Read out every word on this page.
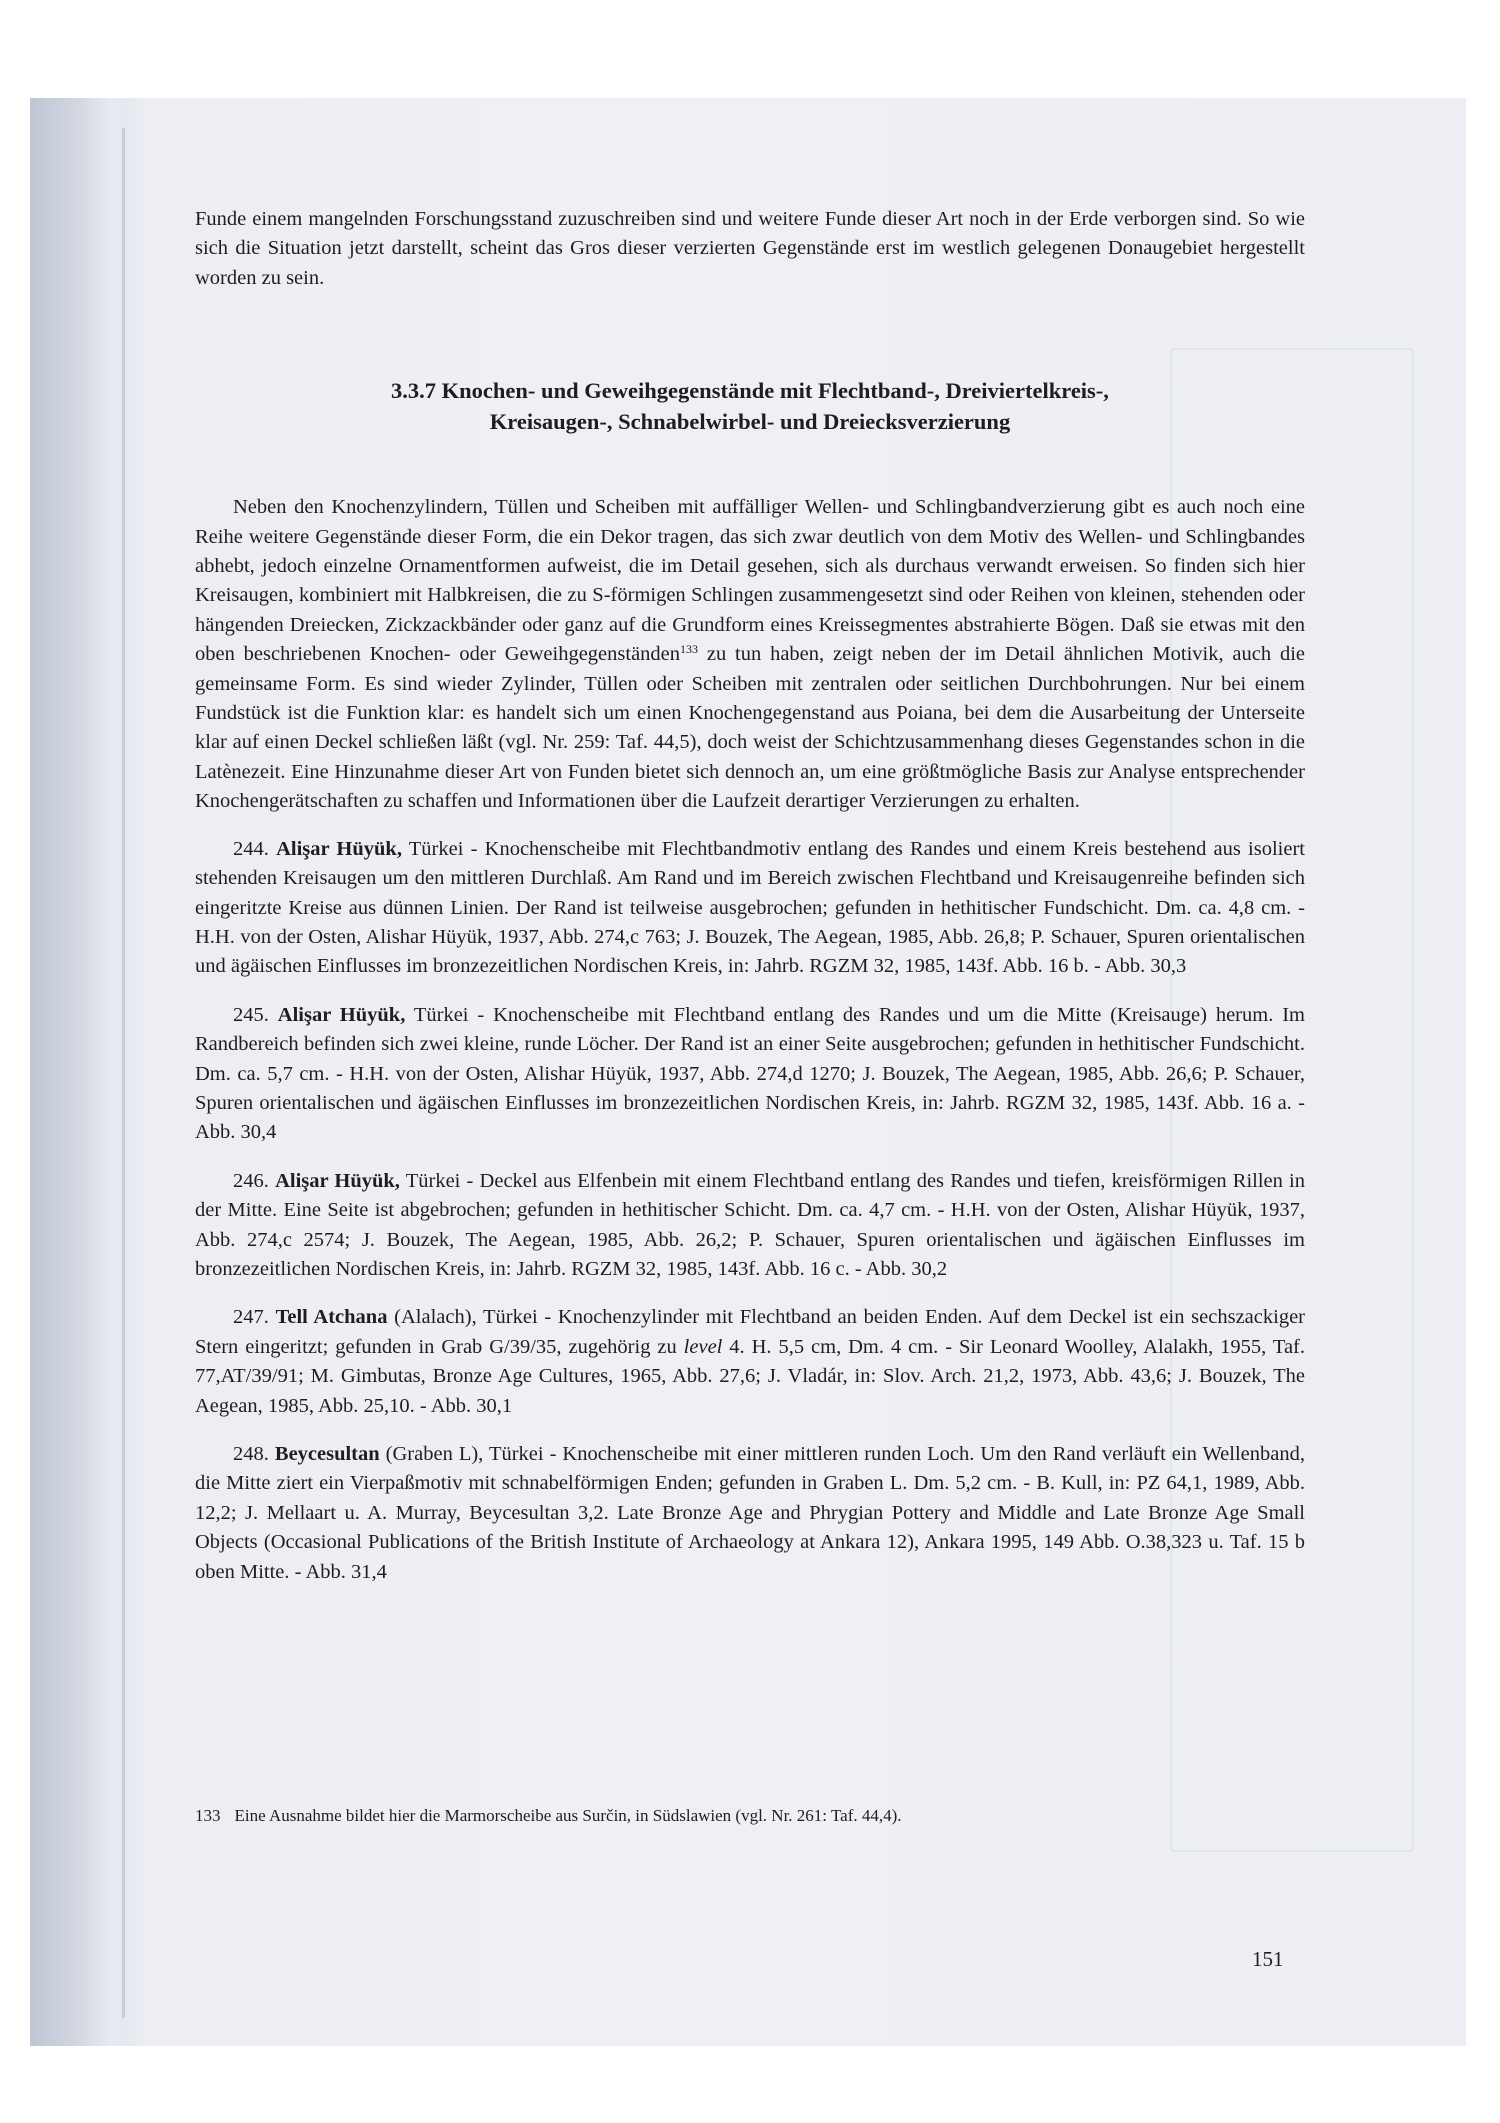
Funde einem mangelnden Forschungsstand zuzuschreiben sind und weitere Funde dieser Art noch in der Erde verborgen sind. So wie sich die Situation jetzt darstellt, scheint das Gros dieser verzierten Gegenstände erst im westlich gelegenen Donaugebiet hergestellt worden zu sein.

3.3.7 Knochen- und Geweihgegenstände mit Flechtband-, Dreiviertelkreis-,
Kreisaugen-, Schnabelwirbel- und Dreiecksverzierung

Neben den Knochenzylindern, Tüllen und Scheiben mit auffälliger Wellen- und Schlingbandverzierung gibt es auch noch eine Reihe weitere Gegenstände dieser Form, die ein Dekor tragen, das sich zwar deutlich von dem Motiv des Wellen- und Schlingbandes abhebt, jedoch einzelne Ornamentformen aufweist, die im Detail gesehen, sich als durchaus verwandt erweisen. So finden sich hier Kreisaugen, kombiniert mit Halbkreisen, die zu S-förmigen Schlingen zusammengesetzt sind oder Reihen von kleinen, stehenden oder hängenden Dreiecken, Zickzackbänder oder ganz auf die Grundform eines Kreissegmentes abstrahierte Bögen. Daß sie etwas mit den oben beschriebenen Knochen- oder Geweihgegenständen$^{133}$ zu tun haben, zeigt neben der im Detail ähnlichen Motivik, auch die gemeinsame Form. Es sind wieder Zylinder, Tüllen oder Scheiben mit zentralen oder seitlichen Durchbohrungen. Nur bei einem Fundstück ist die Funktion klar: es handelt sich um einen Knochengegenstand aus Poiana, bei dem die Ausarbeitung der Unterseite klar auf einen Deckel schließen läßt (vgl. Nr. 259: Taf. 44,5), doch weist der Schichtzusammenhang dieses Gegenstandes schon in die Latènezeit. Eine Hinzunahme dieser Art von Funden bietet sich dennoch an, um eine größtmögliche Basis zur Analyse entsprechender Knochengerätschaften zu schaffen und Informationen über die Laufzeit derartiger Verzierungen zu erhalten.

244. Alişar Hüyük, Türkei - Knochenscheibe mit Flechtbandmotiv entlang des Randes und einem Kreis bestehend aus isoliert stehenden Kreisaugen um den mittleren Durchlaß. Am Rand und im Bereich zwischen Flechtband und Kreisaugenreihe befinden sich eingeritzte Kreise aus dünnen Linien. Der Rand ist teilweise ausgebrochen; gefunden in hethitischer Fundschicht. Dm. ca. 4,8 cm. - H.H. von der Osten, Alishar Hüyük, 1937, Abb. 274,c 763; J. Bouzek, The Aegean, 1985, Abb. 26,8; P. Schauer, Spuren orientalischen und ägäischen Einflusses im bronzezeitlichen Nordischen Kreis, in: Jahrb. RGZM 32, 1985, 143f. Abb. 16 b. - Abb. 30,3

245. Alişar Hüyük, Türkei - Knochenscheibe mit Flechtband entlang des Randes und um die Mitte (Kreisauge) herum. Im Randbereich befinden sich zwei kleine, runde Löcher. Der Rand ist an einer Seite ausgebrochen; gefunden in hethitischer Fundschicht. Dm. ca. 5,7 cm. - H.H. von der Osten, Alishar Hüyük, 1937, Abb. 274,d 1270; J. Bouzek, The Aegean, 1985, Abb. 26,6; P. Schauer, Spuren orientalischen und ägäischen Einflusses im bronzezeitlichen Nordischen Kreis, in: Jahrb. RGZM 32, 1985, 143f. Abb. 16 a. - Abb. 30,4

246. Alişar Hüyük, Türkei - Deckel aus Elfenbein mit einem Flechtband entlang des Randes und tiefen, kreisförmigen Rillen in der Mitte. Eine Seite ist abgebrochen; gefunden in hethitischer Schicht. Dm. ca. 4,7 cm. - H.H. von der Osten, Alishar Hüyük, 1937, Abb. 274,c 2574; J. Bouzek, The Aegean, 1985, Abb. 26,2; P. Schauer, Spuren orientalischen und ägäischen Einflusses im bronzezeitlichen Nordischen Kreis, in: Jahrb. RGZM 32, 1985, 143f. Abb. 16 c. - Abb. 30,2

247. Tell Atchana (Alalach), Türkei - Knochenzylinder mit Flechtband an beiden Enden. Auf dem Deckel ist ein sechszackiger Stern eingeritzt; gefunden in Grab G/39/35, zugehörig zu level 4. H. 5,5 cm, Dm. 4 cm. - Sir Leonard Woolley, Alalakh, 1955, Taf. 77,AT/39/91; M. Gimbutas, Bronze Age Cultures, 1965, Abb. 27,6; J. Vladár, in: Slov. Arch. 21,2, 1973, Abb. 43,6; J. Bouzek, The Aegean, 1985, Abb. 25,10. - Abb. 30,1

248. Beycesultan (Graben L), Türkei - Knochenscheibe mit einer mittleren runden Loch. Um den Rand verläuft ein Wellenband, die Mitte ziert ein Vierpaßmotiv mit schnabelförmigen Enden; gefunden in Graben L. Dm. 5,2 cm. - B. Kull, in: PZ 64,1, 1989, Abb. 12,2; J. Mellaart u. A. Murray, Beycesultan 3,2. Late Bronze Age and Phrygian Pottery and Middle and Late Bronze Age Small Objects (Occasional Publications of the British Institute of Archaeology at Ankara 12), Ankara 1995, 149 Abb. O.38,323 u. Taf. 15 b oben Mitte. - Abb. 31,4

133 Eine Ausnahme bildet hier die Marmorscheibe aus Surčin, in Südslawien (vgl. Nr. 261: Taf. 44,4).
151
